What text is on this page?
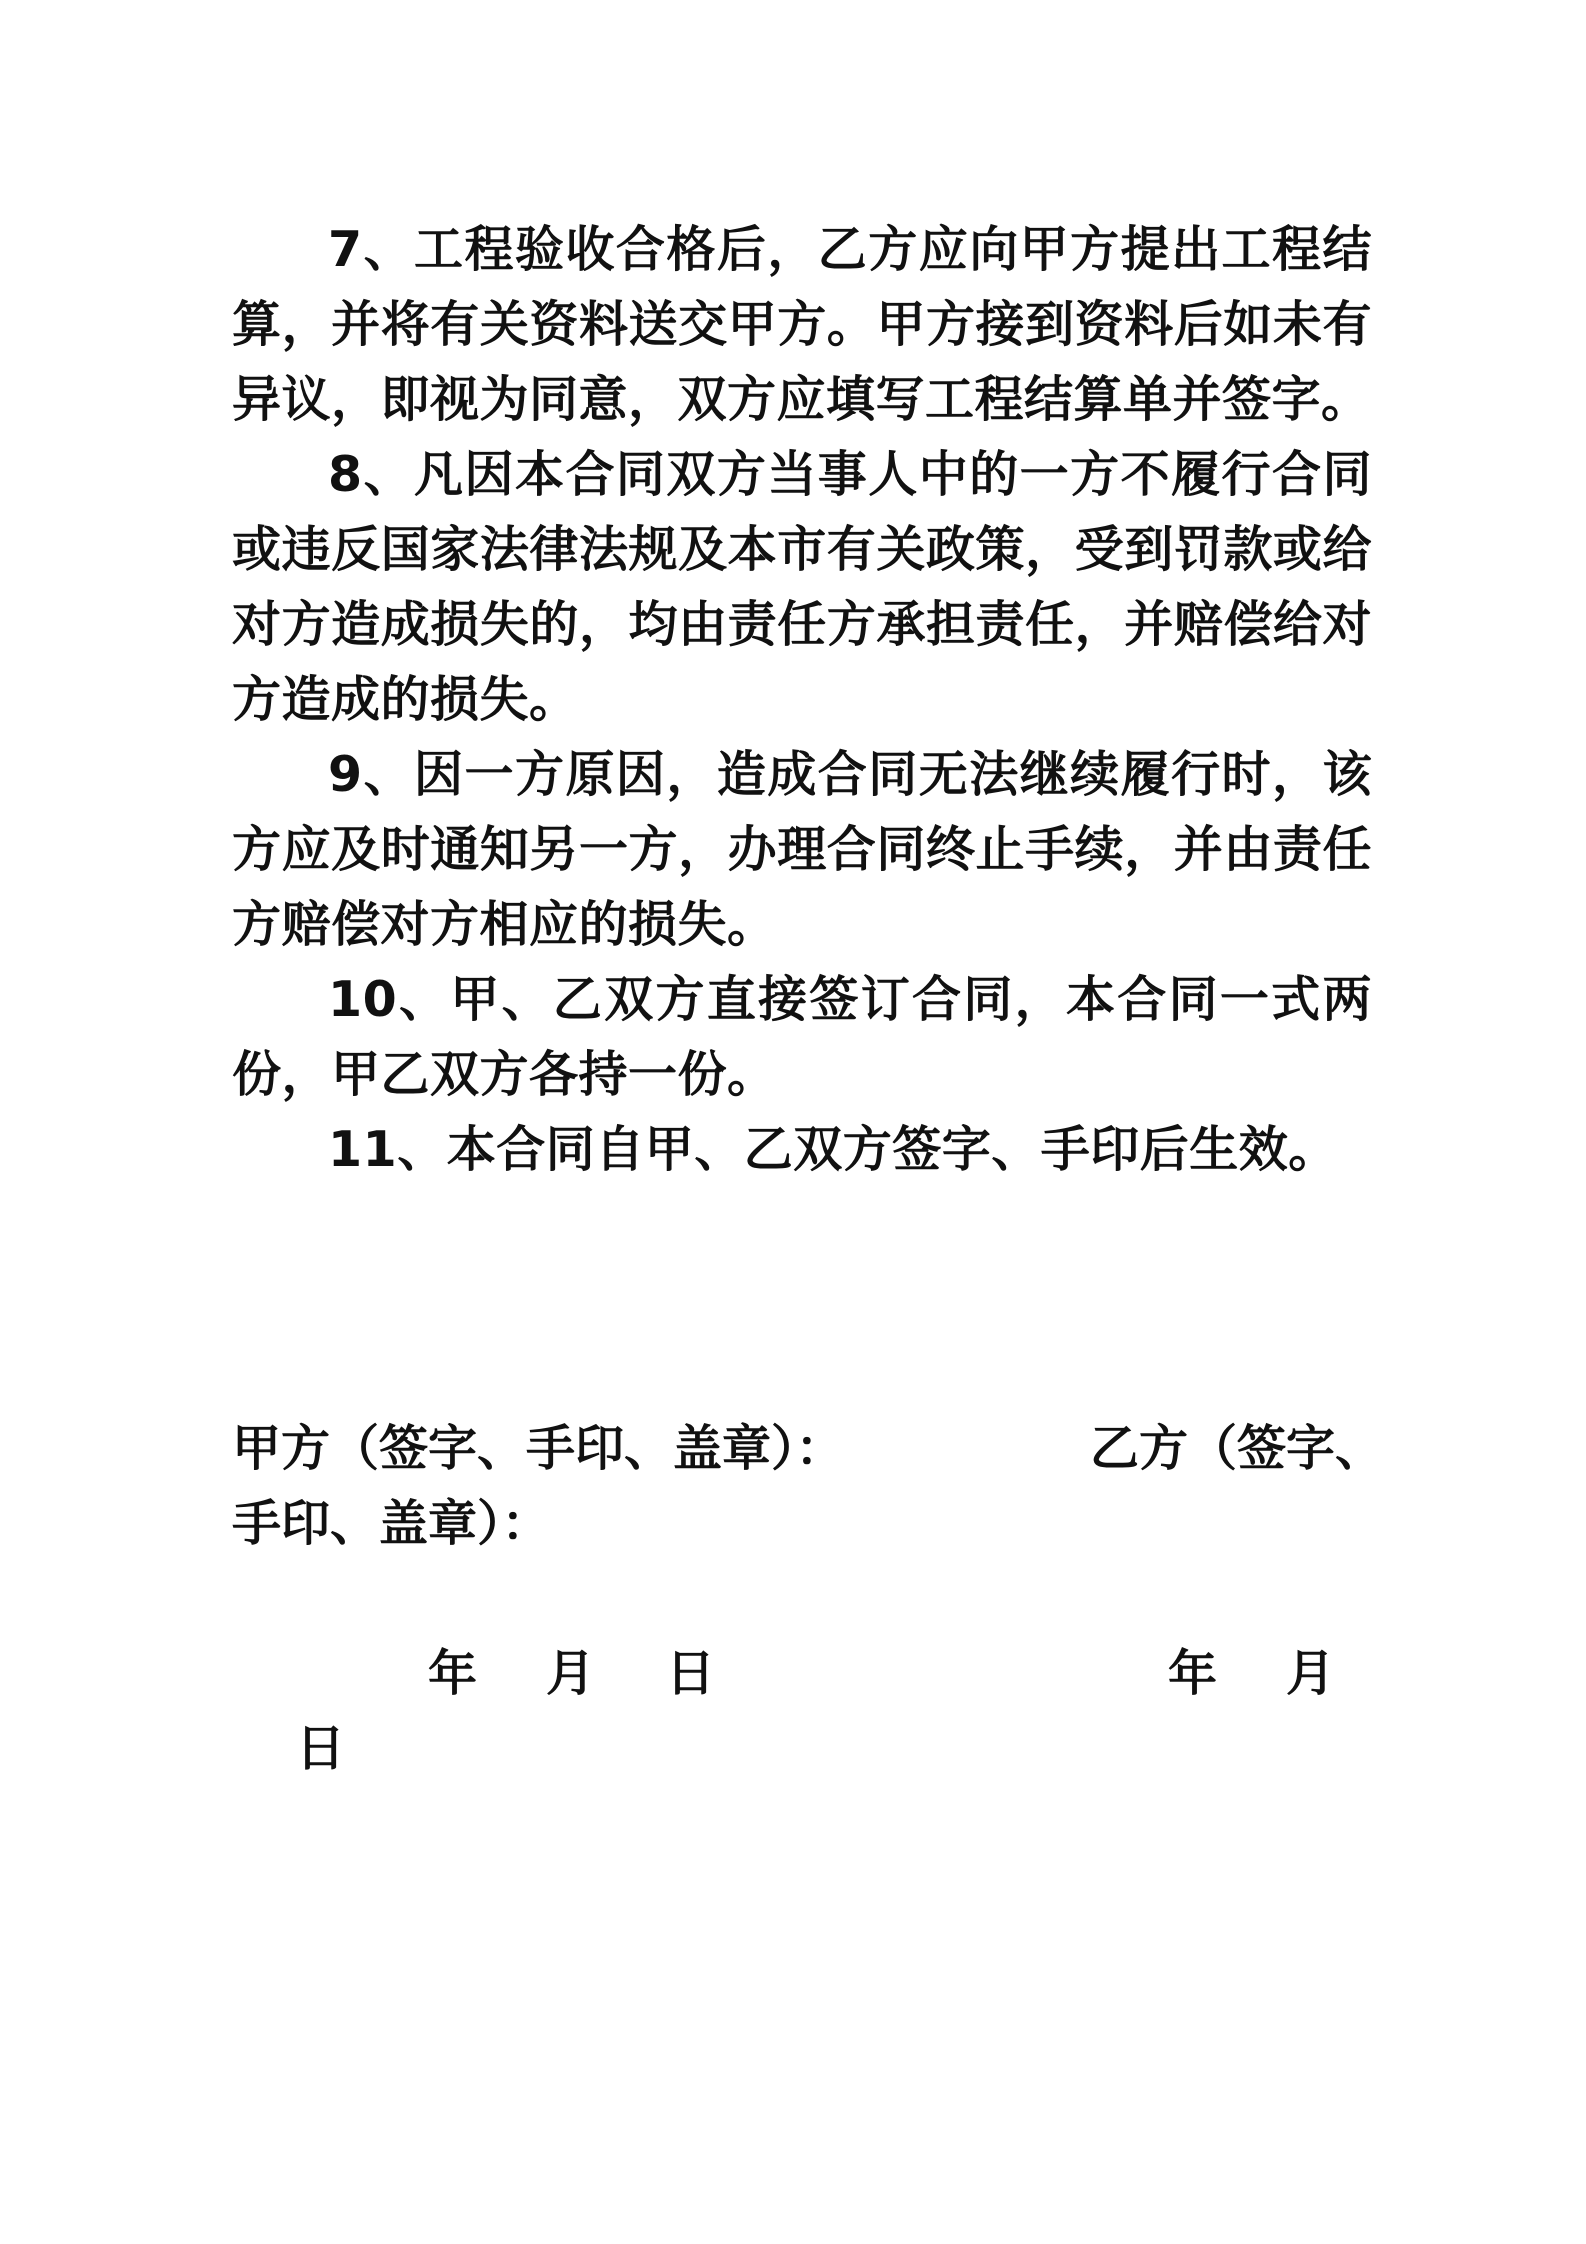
7、工程验收合格后，乙方应向甲方提出工程结算，并将有关资料送交甲方。甲方接到资料后如未有异议，即视为同意，双方应填写工程结算单并签字。

8、凡因本合同双方当事人中的一方不履行合同或违反国家法律法规及本市有关政策，受到罚款或给对方造成损失的，均由责任方承担责任，并赔偿给对方造成的损失。

9、因一方原因，造成合同无法继续履行时，该方应及时通知另一方，办理合同终止手续，并由责任方赔偿对方相应的损失。

10、甲、乙双方直接签订合同，本合同一式两份，甲乙双方各持一份。

11、本合同自甲、乙双方签字、手印后生效。

甲方（签字、手印、盖章）：	乙方（签字、
手印、盖章）：
年 月 日	年 月
日
